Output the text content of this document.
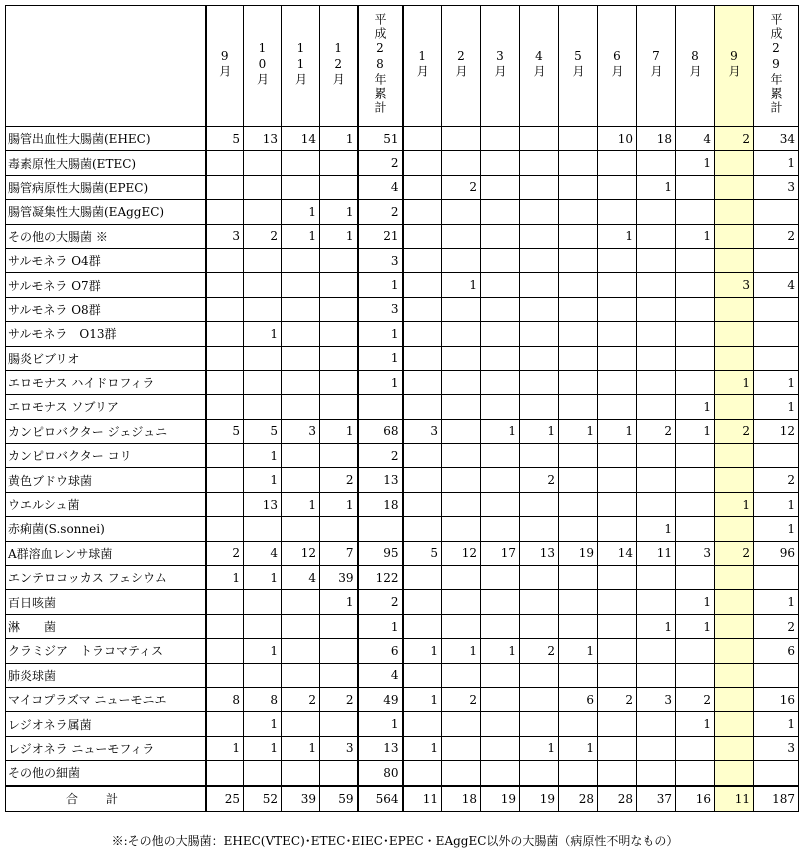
	9月	10月	11月	12月	平成28年累計	1月	2月	3月	4月	5月	6月	7月	8月	9月	平成29年累計
腸管出血性大腸菌(EHEC)	5	13	14	1	51						10	18	4	2	34
毒素原性大腸菌(ETEC)					2								1		1
腸管病原性大腸菌(EPEC)					4		2					1			3
腸管凝集性大腸菌(EAggEC)			1	1	2										
その他の大腸菌 ※	3	2	1	1	21						1		1		2
サルモネラ O4群					3										
サルモネラ O7群					1		1							3	4
サルモネラ O8群					3										
サルモネラ　O13群		1			1										
腸炎ビブリオ					1										
エロモナス ハイドロフィラ					1									1	1
エロモナス ソブリア													1		1
カンピロバクター ジェジュニ	5	5	3	1	68	3		1	1	1	1	2	1	2	12
カンピロバクター コリ		1			2										
黄色ブドウ球菌		1		2	13				2						2
ウエルシュ菌		13	1	1	18									1	1
赤痢菌(S.sonnei)												1			1
A群溶血レンサ球菌	2	4	12	7	95	5	12	17	13	19	14	11	3	2	96
エンテロコッカス フェシウム	1	1	4	39	122										
百日咳菌				1	2								1		1
淋　　菌					1							1	1		2
クラミジア　トラコマティス		1			6	1	1	1	2	1					6
肺炎球菌					4										
マイコプラズマ ニューモニエ	8	8	2	2	49	1	2			6	2	3	2		16
レジオネラ属菌		1			1								1		1
レジオネラ ニューモフィラ	1	1	1	3	13	1			1	1					3
その他の細菌					80										
合　計	25	52	39	59	564	11	18	19	19	28	28	37	16	11	187
※:その他の大腸菌：EHEC(VTEC)･ETEC･EIEC･EPEC・EAggEC以外の大腸菌（病原性不明なもの）
